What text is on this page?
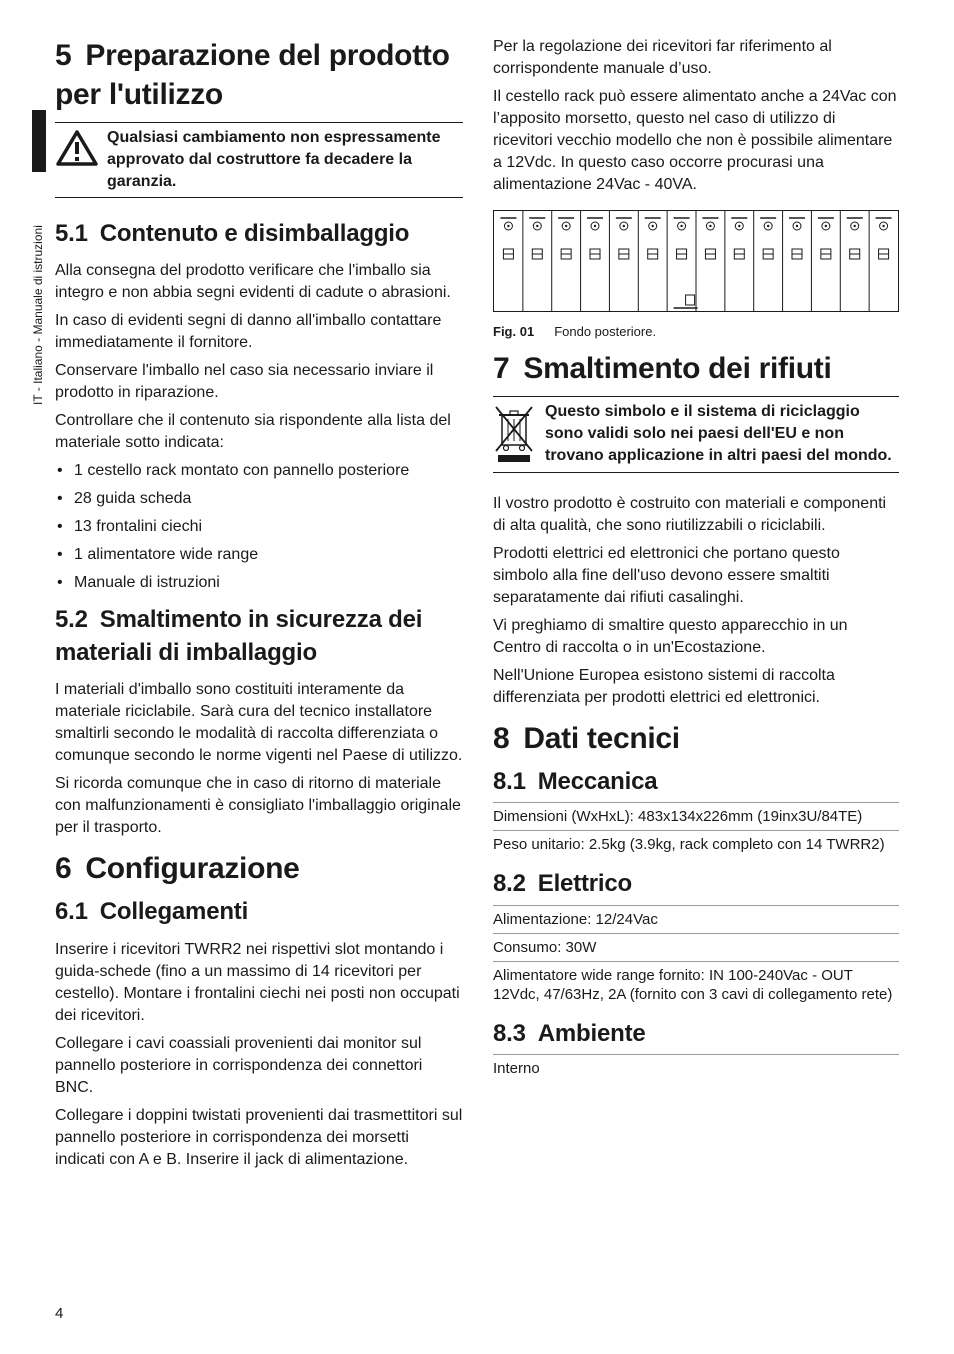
IT - Italiano - Manuale di istruzioni
5 Preparazione del prodotto per l'utilizzo
Qualsiasi cambiamento non espressamente approvato dal costruttore fa decadere la garanzia.
5.1 Contenuto e disimballaggio

Alla consegna del prodotto verificare che l'imballo sia integro e non abbia segni evidenti di cadute o abrasioni.

In caso di evidenti segni di danno all'imballo contattare immediatamente il fornitore.

Conservare l'imballo nel caso sia necessario inviare il prodotto in riparazione.

Controllare che il contenuto sia rispondente alla lista del materiale sotto indicata:

• 1 cestello rack montato con pannello posteriore
• 28 guida scheda
• 13 frontalini ciechi
• 1 alimentatore wide range
• Manuale di istruzioni
5.2 Smaltimento in sicurezza dei materiali di imballaggio

I materiali d'imballo sono costituiti interamente da materiale riciclabile. Sarà cura del tecnico installatore smaltirli secondo le modalità di raccolta differenziata o comunque secondo le norme vigenti nel Paese di utilizzo.

Si ricorda comunque che in caso di ritorno di materiale con malfunzionamenti è consigliato l'imballaggio originale per il trasporto.

6 Configurazione
6.1 Collegamenti

Inserire i ricevitori TWRR2 nei rispettivi slot montando i guida-schede (fino a un massimo di 14 ricevitori per cestello). Montare i frontalini ciechi nei posti non occupati dei ricevitori.

Collegare i cavi coassiali provenienti dai monitor sul pannello posteriore in corrispondenza dei connettori BNC.

Collegare i doppini twistati provenienti dai trasmettitori sul pannello posteriore in corrispondenza dei morsetti indicati con A e B. Inserire il jack di alimentazione.

Per la regolazione dei ricevitori far riferimento al corrispondente manuale d’uso.

Il cestello rack può essere alimentato anche a 24Vac con l’apposito morsetto, questo nel caso di utilizzo di ricevitori vecchio modello che non è possibile alimentare a 12Vdc. In questo caso occorre procurasi una alimentazione 24Vac - 40VA.

Fig. 01 Fondo posteriore.
7 Smaltimento dei rifiuti
Questo simbolo e il sistema di riciclaggio sono validi solo nei paesi dell'EU e non trovano applicazione in altri paesi del mondo.

Il vostro prodotto è costruito con materiali e componenti di alta qualità, che sono riutilizzabili o riciclabili.

Prodotti elettrici ed elettronici che portano questo simbolo alla fine dell'uso devono essere smaltiti separatamente dai rifiuti casalinghi.

Vi preghiamo di smaltire questo apparecchio in un Centro di raccolta o in un'Ecostazione.

Nell'Unione Europea esistono sistemi di raccolta differenziata per prodotti elettrici ed elettronici.

8 Dati tecnici
8.1 Meccanica
Dimensioni (WxHxL): 483x134x226mm (19inx3U/84TE)
Peso unitario: 2.5kg (3.9kg, rack completo con 14 TWRR2)
8.2 Elettrico
Alimentazione: 12/24Vac
Consumo: 30W
Alimentatore wide range fornito: IN 100-240Vac - OUT 12Vdc, 47/63Hz, 2A (fornito con 3 cavi di collegamento rete)
8.3 Ambiente
Interno
4
